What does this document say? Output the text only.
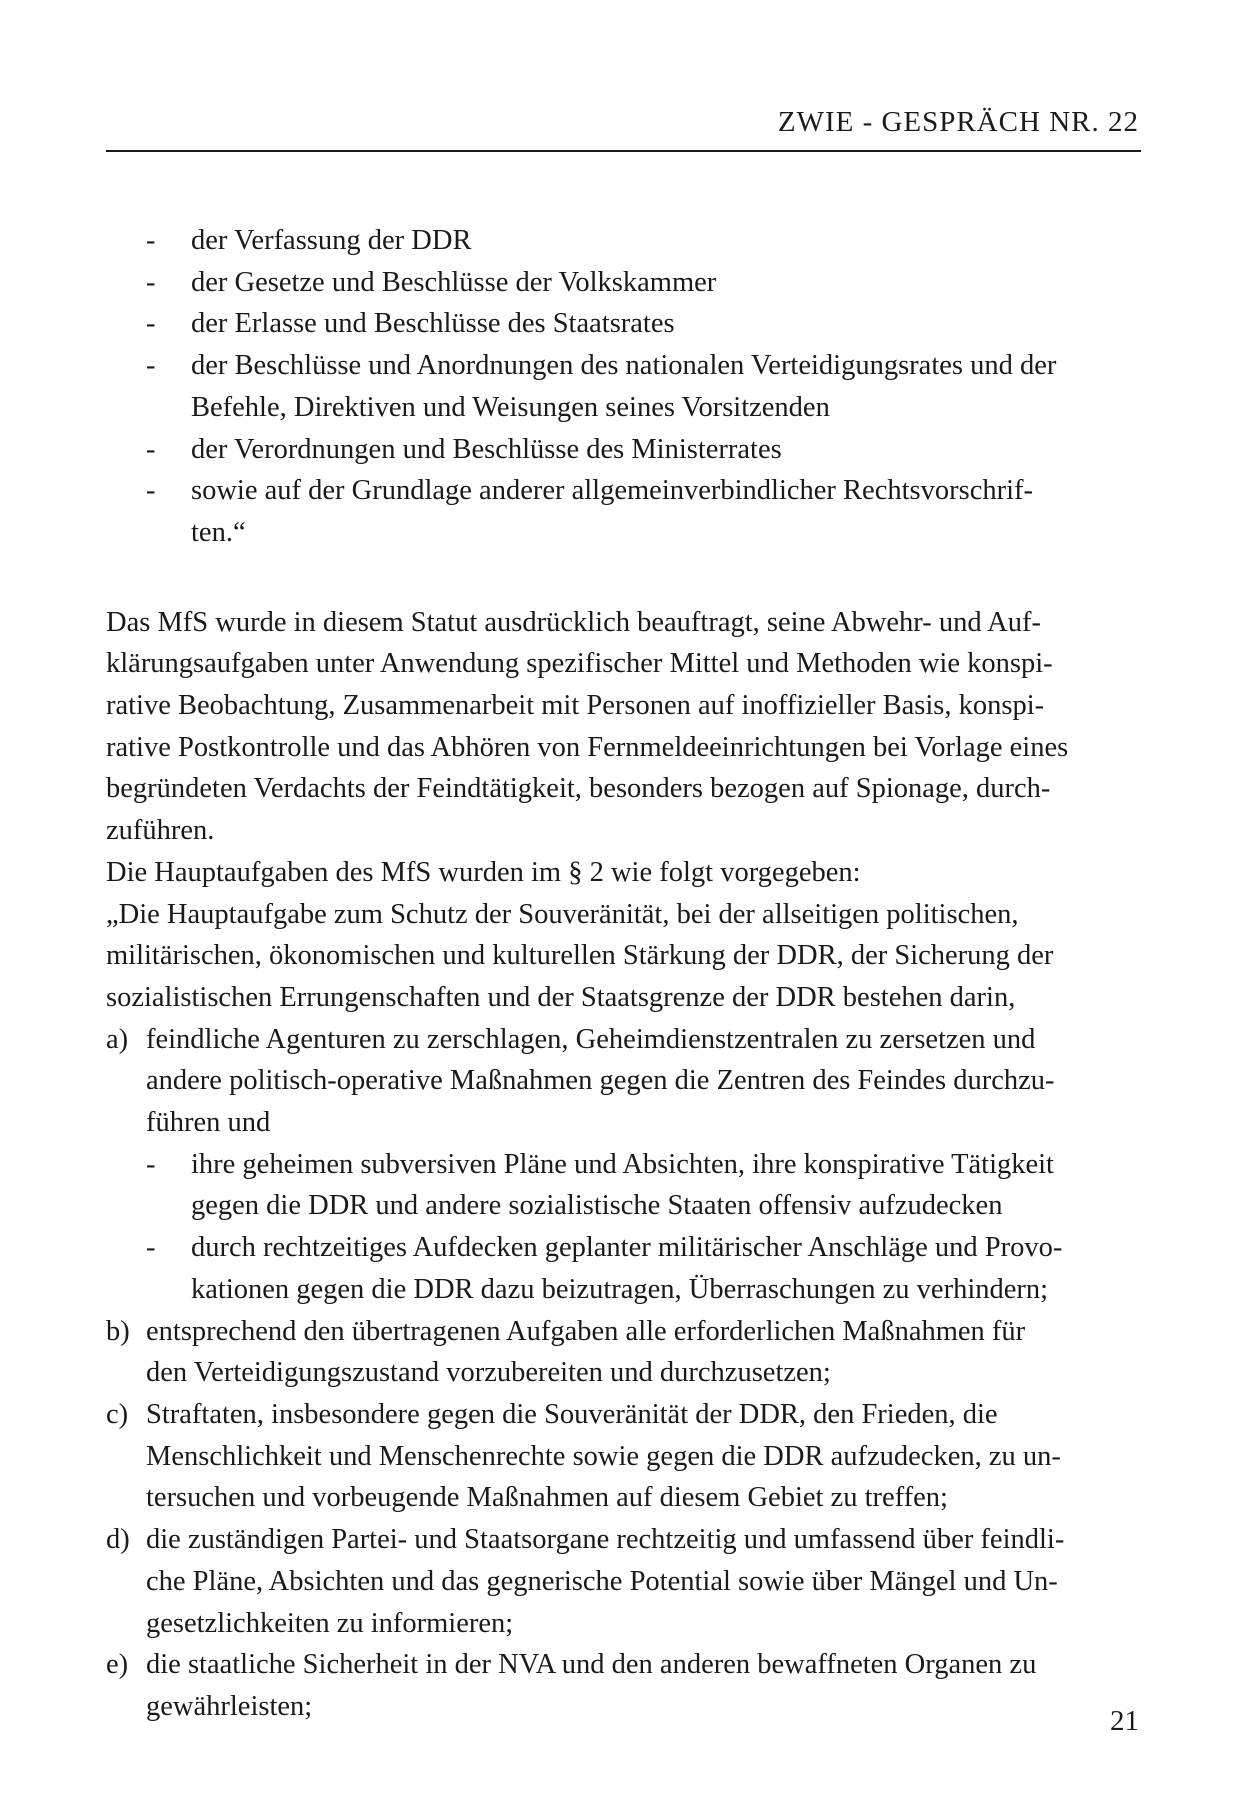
ZWIE - GESPRÄCH NR. 22
- der Verfassung der DDR
- der Gesetze und Beschlüsse der Volkskammer
- der Erlasse und Beschlüsse des Staatsrates
- der Beschlüsse und Anordnungen des nationalen Verteidigungsrates und der
Befehle, Direktiven und Weisungen seines Vorsitzenden
- der Verordnungen und Beschlüsse des Ministerrates
- sowie auf der Grundlage anderer allgemeinverbindlicher Rechtsvorschrif-
ten.“
Das MfS wurde in diesem Statut ausdrücklich beauftragt, seine Abwehr- und Auf-
klärungsaufgaben unter Anwendung spezifischer Mittel und Methoden wie konspi-
rative Beobachtung, Zusammenarbeit mit Personen auf inoffizieller Basis, konspi-
rative Postkontrolle und das Abhören von Fernmeldeeinrichtungen bei Vorlage eines
begründeten Verdachts der Feindtätigkeit, besonders bezogen auf Spionage, durch-
zuführen.
Die Hauptaufgaben des MfS wurden im § 2 wie folgt vorgegeben:
„Die Hauptaufgabe zum Schutz der Souveränität, bei der allseitigen politischen,
militärischen, ökonomischen und kulturellen Stärkung der DDR, der Sicherung der
sozialistischen Errungenschaften und der Staatsgrenze der DDR bestehen darin,
a) feindliche Agenturen zu zerschlagen, Geheimdienstzentralen zu zersetzen und
andere politisch-operative Maßnahmen gegen die Zentren des Feindes durchzu-
führen und
- ihre geheimen subversiven Pläne und Absichten, ihre konspirative Tätigkeit
gegen die DDR und andere sozialistische Staaten offensiv aufzudecken
- durch rechtzeitiges Aufdecken geplanter militärischer Anschläge und Provo-
kationen gegen die DDR dazu beizutragen, Überraschungen zu verhindern;
b) entsprechend den übertragenen Aufgaben alle erforderlichen Maßnahmen für
den Verteidigungszustand vorzubereiten und durchzusetzen;
c) Straftaten, insbesondere gegen die Souveränität der DDR, den Frieden, die
Menschlichkeit und Menschenrechte sowie gegen die DDR aufzudecken, zu un-
tersuchen und vorbeugende Maßnahmen auf diesem Gebiet zu treffen;
d) die zuständigen Partei- und Staatsorgane rechtzeitig und umfassend über feindli-
che Pläne, Absichten und das gegnerische Potential sowie über Mängel und Un-
gesetzlichkeiten zu informieren;
e) die staatliche Sicherheit in der NVA und den anderen bewaffneten Organen zu
gewährleisten;	21
